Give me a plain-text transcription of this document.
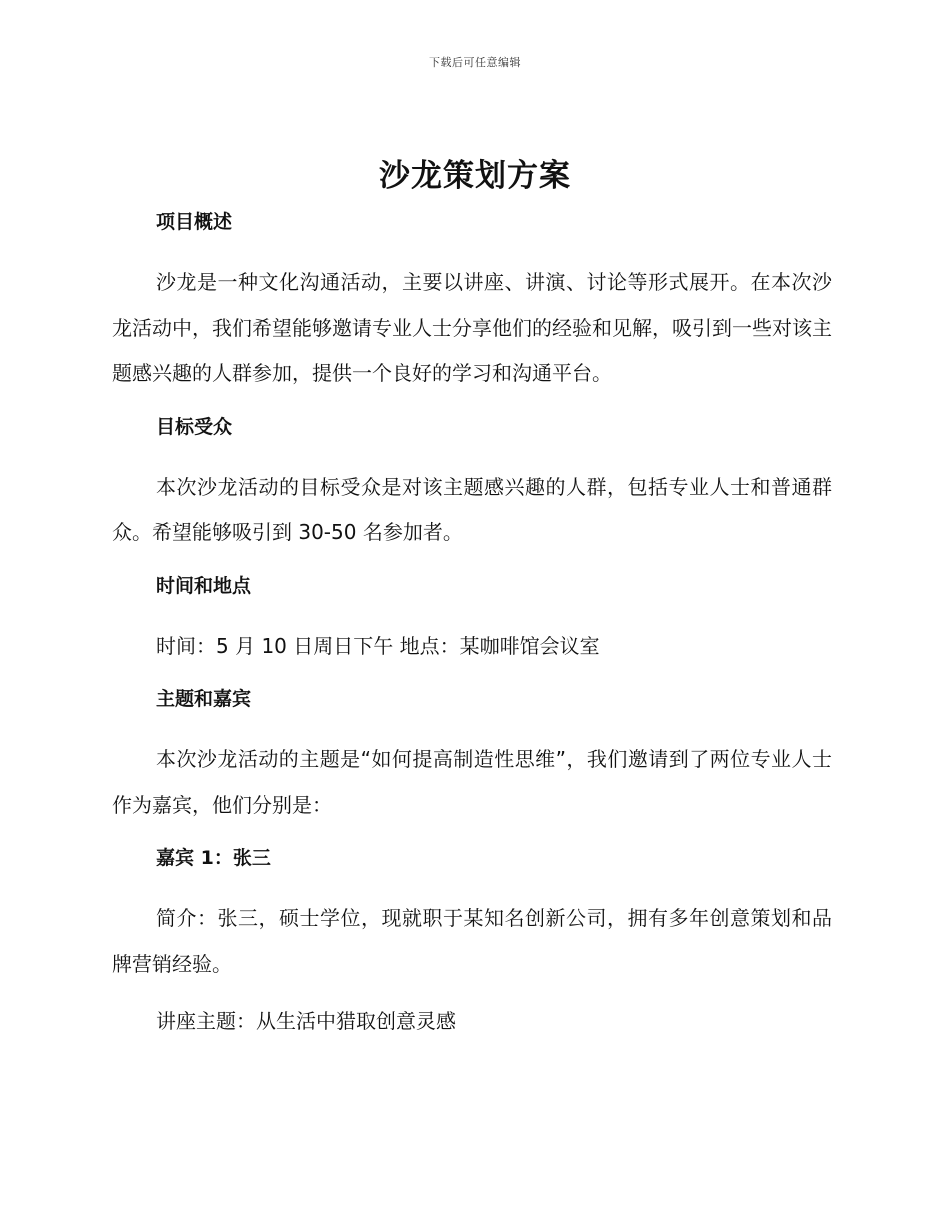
下载后可任意编辑
沙龙策划方案
项目概述

沙龙是一种文化沟通活动，主要以讲座、讲演、讨论等形式展开。在本次沙龙活动中，我们希望能够邀请专业人士分享他们的经验和见解，吸引到一些对该主题感兴趣的人群参加，提供一个良好的学习和沟通平台。

目标受众

本次沙龙活动的目标受众是对该主题感兴趣的人群，包括专业人士和普通群众。希望能够吸引到 30-50 名参加者。

时间和地点

时间：5 月 10 日周日下午 地点：某咖啡馆会议室

主题和嘉宾

本次沙龙活动的主题是“如何提高制造性思维”，我们邀请到了两位专业人士作为嘉宾，他们分别是：

嘉宾 1：张三

简介：张三，硕士学位，现就职于某知名创新公司，拥有多年创意策划和品牌营销经验。

讲座主题：从生活中猎取创意灵感
